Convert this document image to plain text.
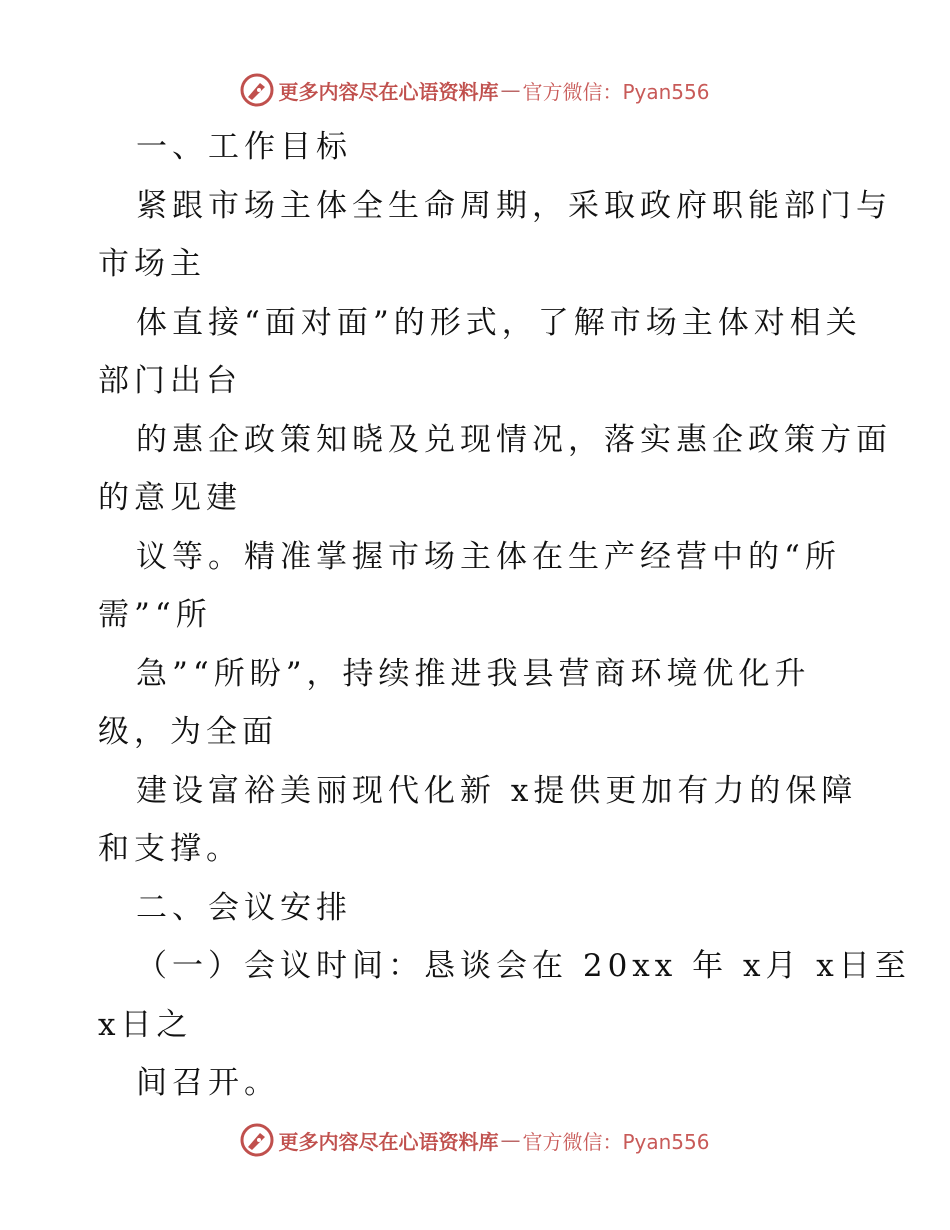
更多内容尽在心语资料库 — 官方微信：Pyan556
一、工作目标
紧跟市场主体全生命周期，采取政府职能部门与
市场主
体直接“面对面”的形式，了解市场主体对相关
部门出台
的惠企政策知晓及兑现情况，落实惠企政策方面
的意见建
议等。精准掌握市场主体在生产经营中的“所
需”“所
急”“所盼”，持续推进我县营商环境优化升
级，为全面
建设富裕美丽现代化新 x提供更加有力的保障
和支撑。
二、会议安排
（一）会议时间：恳谈会在 20xx 年 x月 x日至
x日之
间召开。
更多内容尽在心语资料库 — 官方微信：Pyan556
